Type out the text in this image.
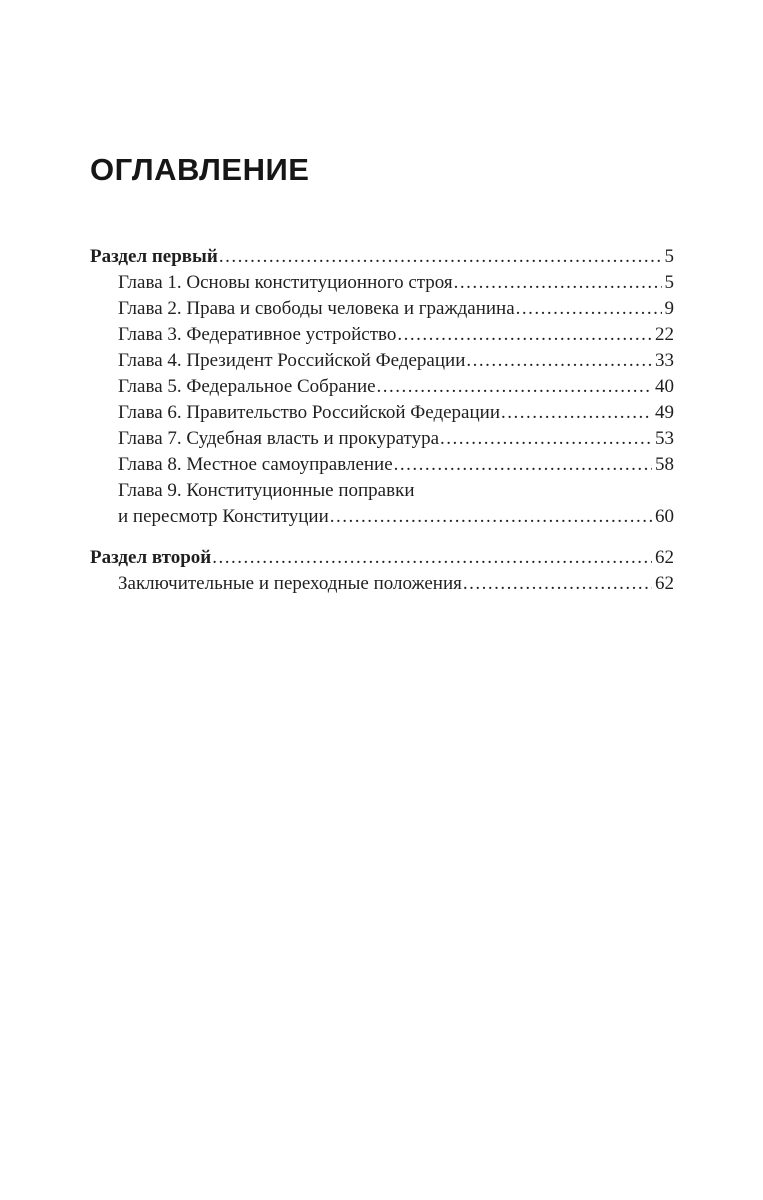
ОГЛАВЛЕНИЕ
Раздел первый .....	5
Глава 1. Основы конституционного строя .....	5
Глава 2. Права и свободы человека и гражданина .....	9
Глава 3. Федеративное устройство .....	22
Глава 4. Президент Российской Федерации .....	33
Глава 5. Федеральное Собрание .....	40
Глава 6. Правительство Российской Федерации .....	49
Глава 7. Судебная власть и прокуратура .....	53
Глава 8. Местное самоуправление .....	58
Глава 9. Конституционные поправки
и пересмотр Конституции .....	60
Раздел второй .....	62
Заключительные и переходные положения .....	62
